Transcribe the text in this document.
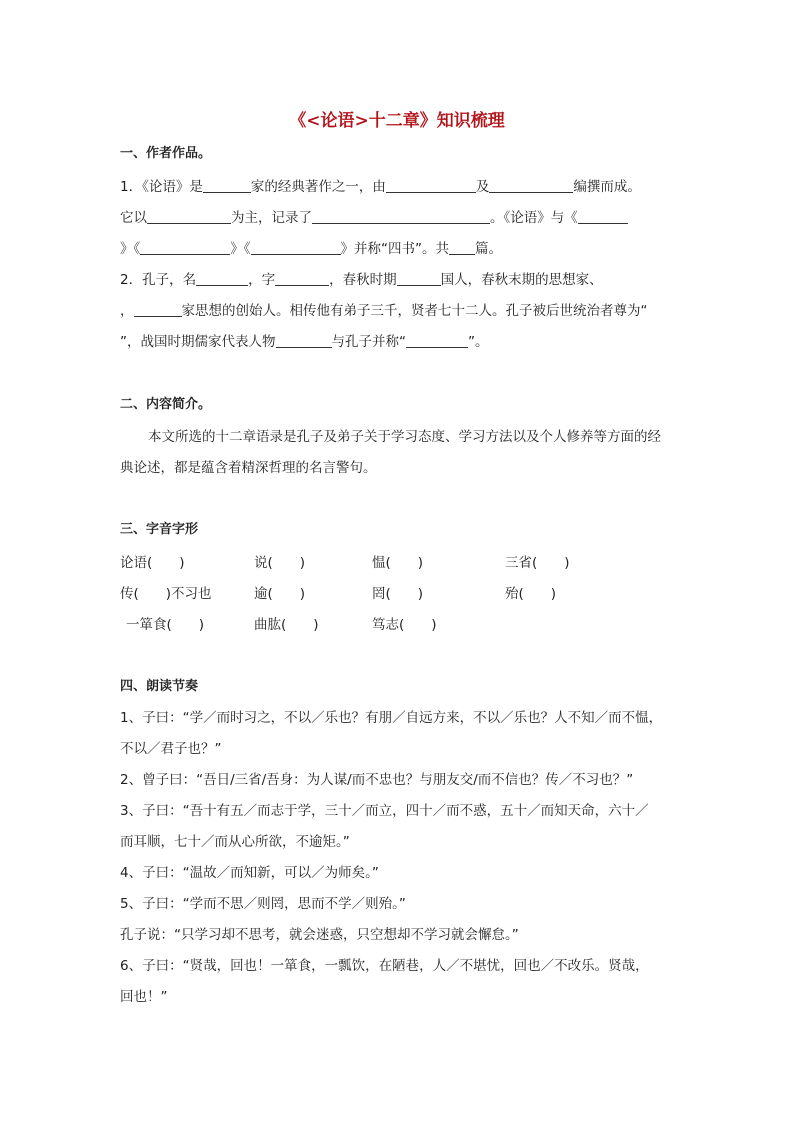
《<论语>十二章》知识梳理
一、作者作品。
1．《论语》是	家的经典著作之一，由	及	编撰而成。
它以	为主，记录了	。《论语》与《
》《	》《	》并称“四书”。共 篇。
2．孔子，名	，字	，春秋时期	国人，春秋末期的思想家、
，	家思想的创始人。相传他有弟子三千，贤者七十二人。孔子被后世统治者尊为“
”，战国时期儒家代表人物	与孔子并称“	”。
二、内容简介。
本文所选的十二章语录是孔子及弟子关于学习态度、学习方法以及个人修养等方面的经
典论述，都是蕴含着精深哲理的名言警句。
三、字音字形
论语(　　)	说(　　)	愠(　　)	三省(　　)
传(　　)不习也	逾(　　)	罔(　　)	殆(　　)
一箪食(　　)	曲肱(　　)	笃志(　　)
四、朗读节奏
1、子曰：“学／而时习之，不以／乐也？有朋／自远方来，不以／乐也？人不知／而不愠，
不以／君子也？”
2、曾子曰：“吾日/三省/吾身：为人谋/而不忠也？与朋友交/而不信也？传／不习也？”
3、子曰：“吾十有五／而志于学，三十／而立，四十／而不惑，五十／而知天命，六十／
而耳顺，七十／而从心所欲，不逾矩。”
4、子曰：“温故／而知新，可以／为师矣。”
5、子曰：“学而不思／则罔，思而不学／则殆。”
孔子说：“只学习却不思考，就会迷惑，只空想却不学习就会懈怠。”
6、子曰：“贤哉，回也！一箪食，一瓢饮，在陋巷，人／不堪忧，回也／不改乐。贤哉，
回也！”
